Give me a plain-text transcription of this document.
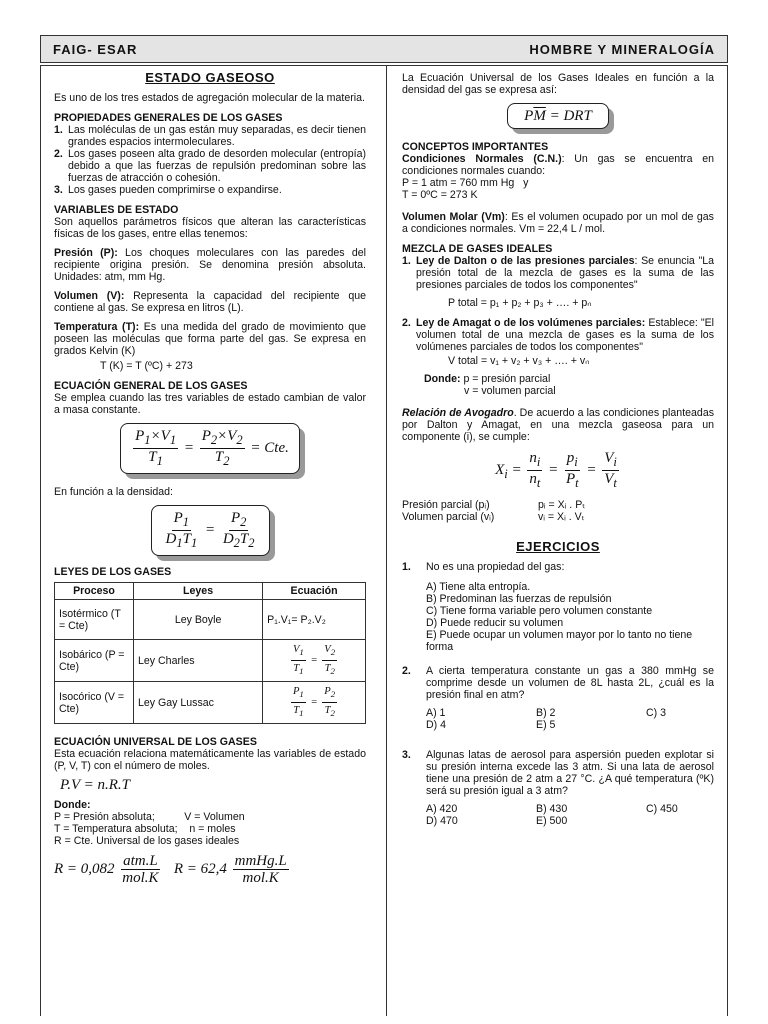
FAIG- ESAR	HOMBRE Y MINERALOGÍA
ESTADO GASEOSO

Es uno de los tres estados de agregación molecular de la materia.

PROPIEDADES GENERALES DE LOS GASES
1. Las moléculas de un gas están muy separadas, es decir tienen grandes espacios intermoleculares.
2. Los gases poseen alta grado de desorden molecular (entropía) debido a que las fuerzas de repulsión predominan sobre las fuerzas de atracción o cohesión.
3. Los gases pueden comprimirse o expandirse.
VARIABLES DE ESTADO

Son aquellos parámetros físicos que alteran las características físicas de los gases, entre ellas tenemos:

Presión (P): Los choques moleculares con las paredes del recipiente origina presión. Se denomina presión absoluta. Unidades: atm, mm Hg.

Volumen (V): Representa la capacidad del recipiente que contiene al gas. Se expresa en litros (L).

Temperatura (T): Es una medida del grado de movimiento que poseen las moléculas que forma parte del gas. Se expresa en grados Kelvin (K)

T (K) = T (ºC) + 273

ECUACIÓN GENERAL DE LOS GASES

Se emplea cuando las tres variables de estado cambian de valor a masa constante.

$\frac{P_1\times V_1}{T_1} = \frac{P_2\times V_2}{T_2}$ = Cte.

En función a la densidad:

$\frac{P_1}{D_1T_1} = \frac{P_2}{D_2T_2}$
LEYES DE LOS GASES
Proceso	Leyes	Ecuación
Isotérmico (T = Cte)	Ley Boyle	P₁.V₁= P₂.V₂
Isobárico (P = Cte)	Ley Charles	$\frac{V_1}{T_1} = \frac{V_2}{T_2}$

Isocórico (V = Cte)	Ley Gay Lussac	$\frac{P_1}{T_1} = \frac{P_2}{T_2}$
ECUACIÓN UNIVERSAL DE LOS GASES

Esta ecuación relaciona matemáticamente las variables de estado (P, V, T) con el número de moles.

P.V = n.R.T
Donde:
P = Presión absoluta;          V = Volumen
T = Temperatura absoluta;    n = moles
R = Cte. Universal de los gases ideales
$R = 0,082 \frac{\text{atm.L}}{\text{mol.K}}$ $R = 62,4 \frac{\text{mmHg.L}}{\text{mol.K}}$

La Ecuación Universal de los Gases Ideales en función a la densidad del gas se expresa así:

$P\overline{M}$ = DRT
CONCEPTOS IMPORTANTES

Condiciones Normales (C.N.): Un gas se encuentra en condiciones normales cuando:

P = 1 atm = 760 mm Hg   y
T = 0ºC = 273 K

Volumen Molar (Vm): Es el volumen ocupado por un mol de gas a condiciones normales. Vm = 22,4 L / mol.

MEZCLA DE GASES IDEALES
1. Ley de Dalton o de las presiones parciales: Se enuncia "La presión total de la mezcla de gases es la suma de las presiones parciales de todos los componentes"
P total = p₁ + p₂ + p₃ + …. + pₙ
2. Ley de Amagat o de los volúmenes parciales: Establece: "El volumen total de una mezcla de gases es la suma de los volúmenes parciales de todos los componentes"
V total = v₁ + v₂ + v₃ + …. + vₙ
Donde: p = presión parcial
v = volumen parcial

Relación de Avogadro. De acuerdo a las condiciones planteadas por Dalton y Amagat, en una mezcla gaseosa para un componente (i), se cumple:

$X_i = \frac{n_i}{n_t} = \frac{p_i}{P_t} = \frac{V_i}{V_t}$
Presión parcial (pᵢ)	pᵢ = Xᵢ . Pₜ
Volumen parcial (vᵢ)	vᵢ = Xᵢ . Vₜ
EJERCICIOS
1.	No es una propiedad del gas:
A) Tiene alta entropía.
B) Predominan las fuerzas de repulsión
C) Tiene forma variable pero volumen constante
D) Puede reducir su volumen
E) Puede ocupar un volumen mayor por lo tanto no tiene forma
2.	A cierta temperatura constante un gas a 380 mmHg se comprime desde un volumen de 8L hasta 2L, ¿cuál es la presión final en atm?
A) 1	B) 2	C) 3
D) 4	E) 5
3.	Algunas latas de aerosol para aspersión pueden explotar si su presión interna excede las 3 atm. Si una lata de aerosol tiene una presión de 2 atm a 27 °C. ¿A qué temperatura (ºK) será su presión igual a 3 atm?
A) 420	B) 430	C) 450
D) 470	E) 500
